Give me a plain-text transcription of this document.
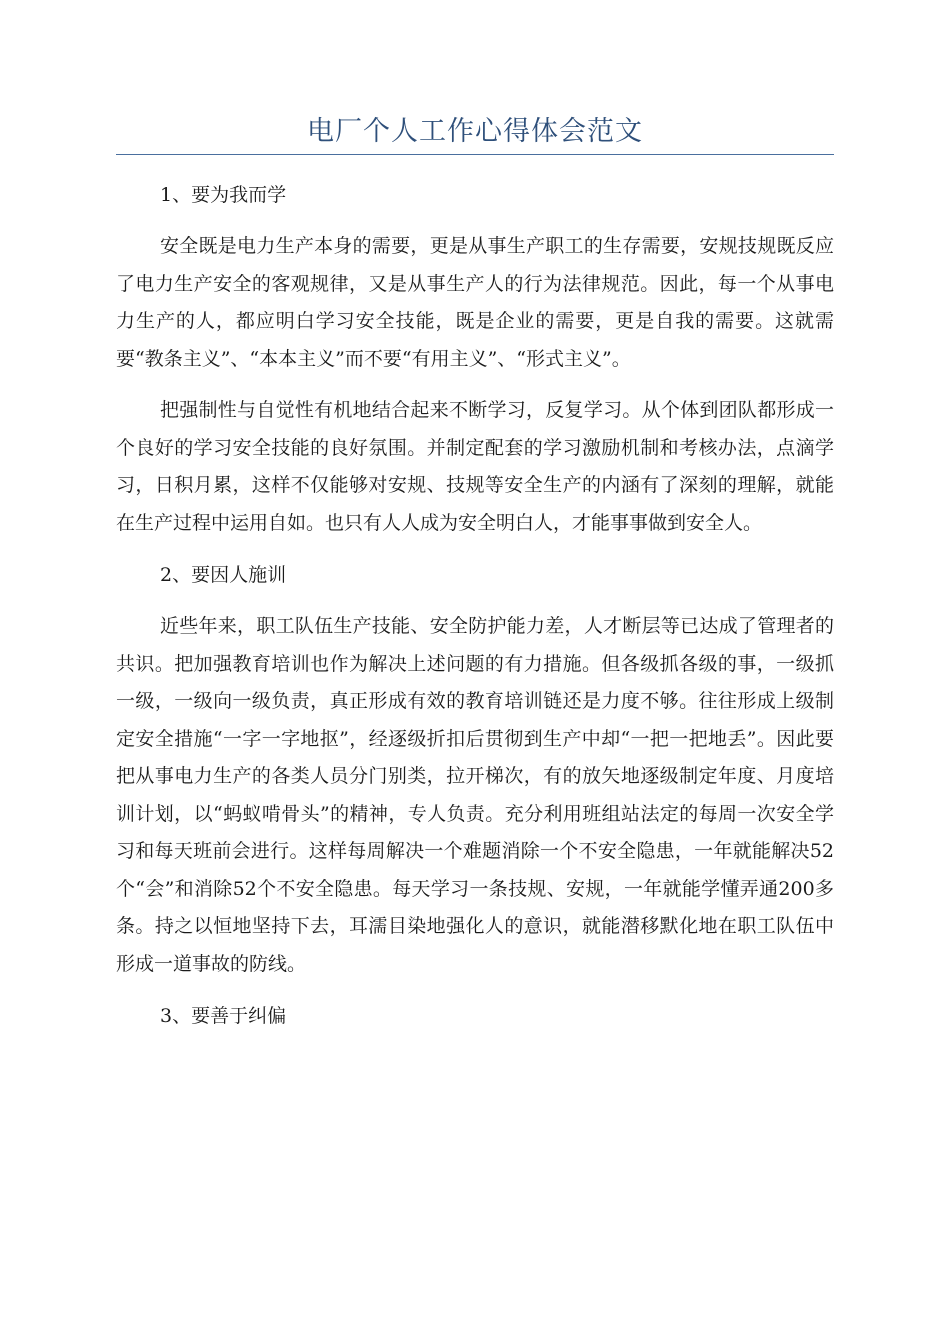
电厂个人工作心得体会范文
1、要为我而学

安全既是电力生产本身的需要，更是从事生产职工的生存需要，安规技规既反应了电力生产安全的客观规律，又是从事生产人的行为法律规范。因此，每一个从事电力生产的人，都应明白学习安全技能，既是企业的需要，更是自我的需要。这就需要“教条主义”、“本本主义”而不要“有用主义”、“形式主义”。

把强制性与自觉性有机地结合起来不断学习，反复学习。从个体到团队都形成一个良好的学习安全技能的良好氛围。并制定配套的学习激励机制和考核办法，点滴学习，日积月累，这样不仅能够对安规、技规等安全生产的内涵有了深刻的理解，就能在生产过程中运用自如。也只有人人成为安全明白人，才能事事做到安全人。

2、要因人施训

近些年来，职工队伍生产技能、安全防护能力差，人才断层等已达成了管理者的共识。把加强教育培训也作为解决上述问题的有力措施。但各级抓各级的事，一级抓一级，一级向一级负责，真正形成有效的教育培训链还是力度不够。往往形成上级制定安全措施“一字一字地抠”，经逐级折扣后贯彻到生产中却“一把一把地丢”。因此要把从事电力生产的各类人员分门别类，拉开梯次，有的放矢地逐级制定年度、月度培训计划，以“蚂蚁啃骨头”的精神，专人负责。充分利用班组站法定的每周一次安全学习和每天班前会进行。这样每周解决一个难题消除一个不安全隐患，一年就能解决52个“会”和消除52个不安全隐患。每天学习一条技规、安规，一年就能学懂弄通200多条。持之以恒地坚持下去，耳濡目染地强化人的意识，就能潜移默化地在职工队伍中形成一道事故的防线。

3、要善于纠偏
